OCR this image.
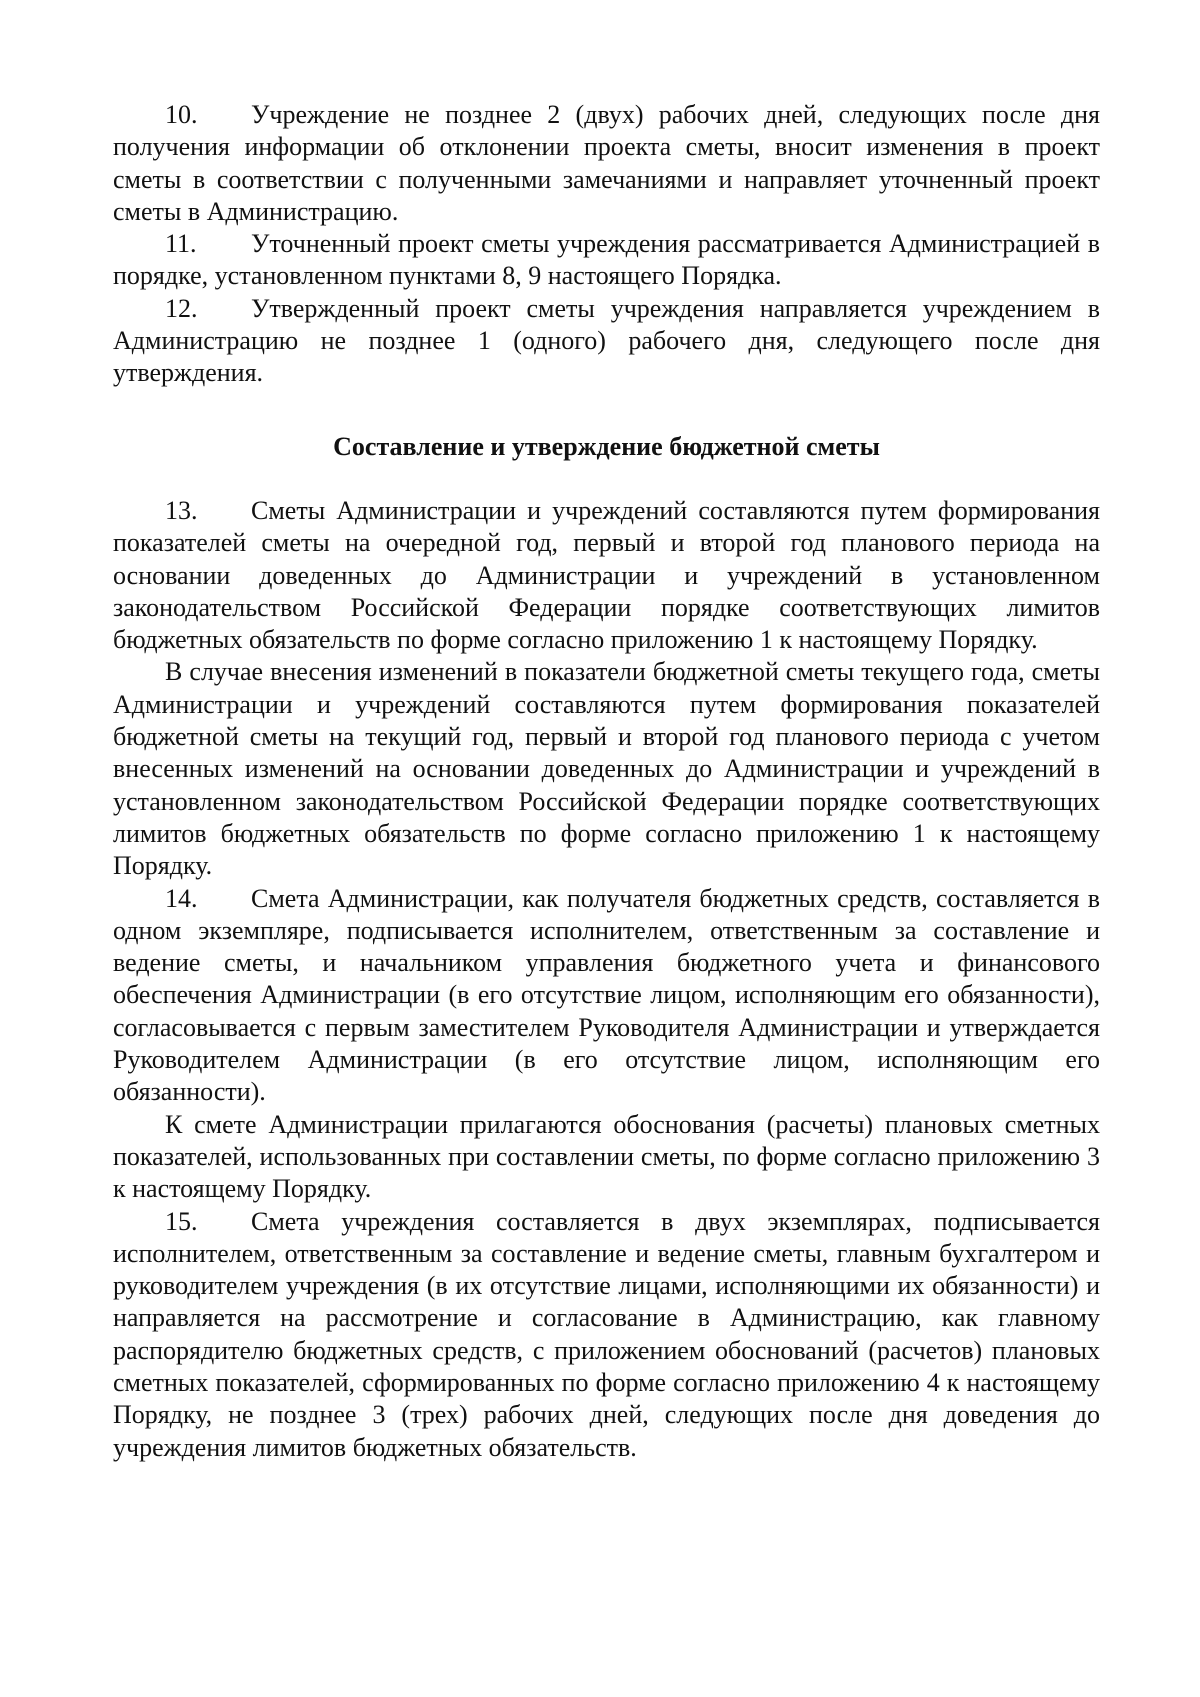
10. Учреждение не позднее 2 (двух) рабочих дней, следующих после дня получения информации об отклонении проекта сметы, вносит изменения в проект сметы в соответствии с полученными замечаниями и направляет уточненный проект сметы в Администрацию.

11. Уточненный проект сметы учреждения рассматривается Администрацией в порядке, установленном пунктами 8, 9 настоящего Порядка.

12. Утвержденный проект сметы учреждения направляется учреждением в Администрацию не позднее 1 (одного) рабочего дня, следующего после дня утверждения.

Составление и утверждение бюджетной сметы

13. Сметы Администрации и учреждений составляются путем формирования показателей сметы на очередной год, первый и второй год планового периода на основании доведенных до Администрации и учреждений в установленном законодательством Российской Федерации порядке соответствующих лимитов бюджетных обязательств по форме согласно приложению 1 к настоящему Порядку.

В случае внесения изменений в показатели бюджетной сметы текущего года, сметы Администрации и учреждений составляются путем формирования показателей бюджетной сметы на текущий год, первый и второй год планового периода с учетом внесенных изменений на основании доведенных до Администрации и учреждений в установленном законодательством Российской Федерации порядке соответствующих лимитов бюджетных обязательств по форме согласно приложению 1 к настоящему Порядку.

14. Смета Администрации, как получателя бюджетных средств, составляется в одном экземпляре, подписывается исполнителем, ответственным за составление и ведение сметы, и начальником управления бюджетного учета и финансового обеспечения Администрации (в его отсутствие лицом, исполняющим его обязанности), согласовывается с первым заместителем Руководителя Администрации и утверждается Руководителем Администрации (в его отсутствие лицом, исполняющим его обязанности).

К смете Администрации прилагаются обоснования (расчеты) плановых сметных показателей, использованных при составлении сметы, по форме согласно приложению 3 к настоящему Порядку.

15. Смета учреждения составляется в двух экземплярах, подписывается исполнителем, ответственным за составление и ведение сметы, главным бухгалтером и руководителем учреждения (в их отсутствие лицами, исполняющими их обязанности) и направляется на рассмотрение и согласование в Администрацию, как главному распорядителю бюджетных средств, с приложением обоснований (расчетов) плановых сметных показателей, сформированных по форме согласно приложению 4 к настоящему Порядку, не позднее 3 (трех) рабочих дней, следующих после дня доведения до учреждения лимитов бюджетных обязательств.
